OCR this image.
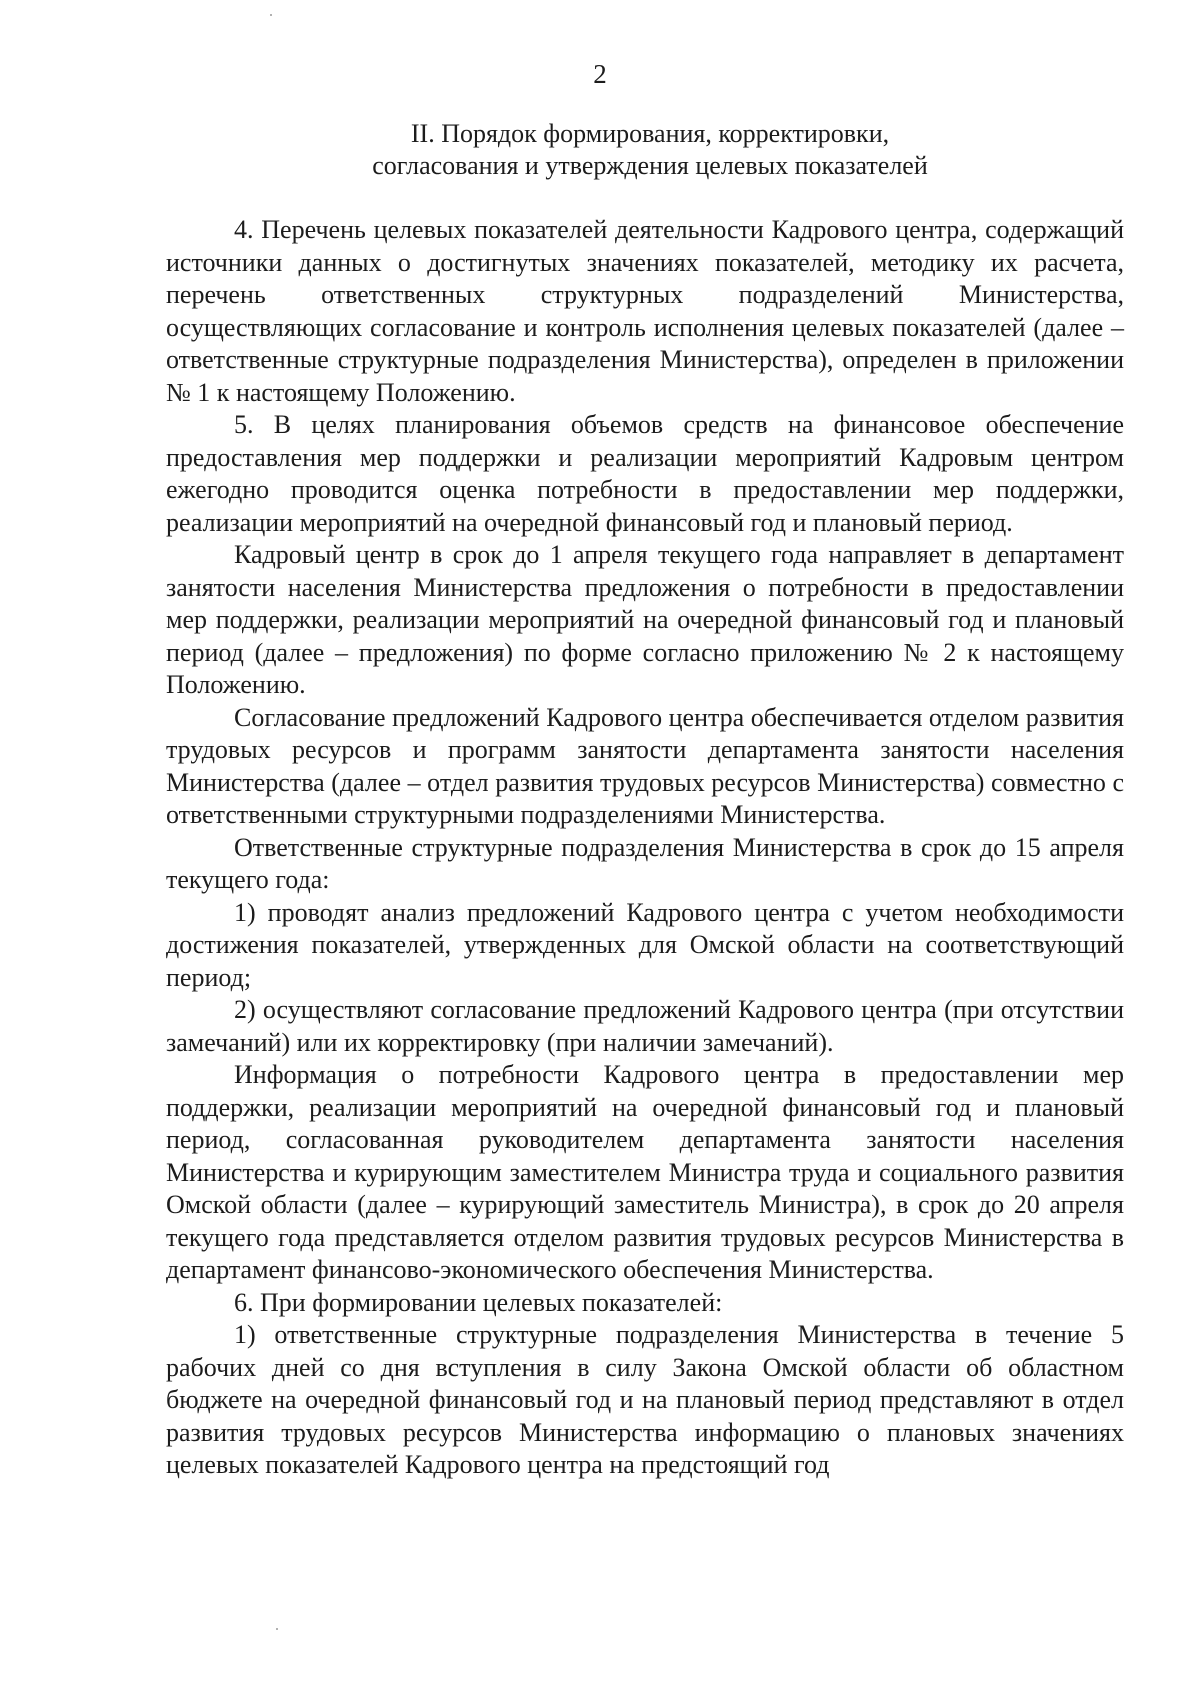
2
II. Порядок формирования, корректировки,
согласования и утверждения целевых показателей

4. Перечень целевых показателей деятельности Кадрового центра, содержащий источники данных о достигнутых значениях показателей, методику их расчета, перечень ответственных структурных подразделений Министерства, осуществляющих согласование и контроль исполнения целевых показателей (далее – ответственные структурные подразделения Министерства), определен в приложении № 1 к настоящему Положению.

5. В целях планирования объемов средств на финансовое обеспечение предоставления мер поддержки и реализации мероприятий Кадровым центром ежегодно проводится оценка потребности в предоставлении мер поддержки, реализации мероприятий на очередной финансовый год и плановый период.

Кадровый центр в срок до 1 апреля текущего года направляет в департамент занятости населения Министерства предложения о потребности в предоставлении мер поддержки, реализации мероприятий на очередной финансовый год и плановый период (далее – предложения) по форме согласно приложению № 2 к настоящему Положению.

Согласование предложений Кадрового центра обеспечивается отделом развития трудовых ресурсов и программ занятости департамента занятости населения Министерства (далее – отдел развития трудовых ресурсов Министерства) совместно с ответственными структурными подразделениями Министерства.

Ответственные структурные подразделения Министерства в срок до 15 апреля текущего года:

1) проводят анализ предложений Кадрового центра с учетом необходимости достижения показателей, утвержденных для Омской области на соответствующий период;

2) осуществляют согласование предложений Кадрового центра (при отсутствии замечаний) или их корректировку (при наличии замечаний).

Информация о потребности Кадрового центра в предоставлении мер поддержки, реализации мероприятий на очередной финансовый год и плановый период, согласованная руководителем департамента занятости населения Министерства и курирующим заместителем Министра труда и социального развития Омской области (далее – курирующий заместитель Министра), в срок до 20 апреля текущего года представляется отделом развития трудовых ресурсов Министерства в департамент финансово-экономического обеспечения Министерства.

6. При формировании целевых показателей:

1) ответственные структурные подразделения Министерства в течение 5 рабочих дней со дня вступления в силу Закона Омской области об областном бюджете на очередной финансовый год и на плановый период представляют в отдел развития трудовых ресурсов Министерства информацию о плановых значениях целевых показателей Кадрового центра на предстоящий год
